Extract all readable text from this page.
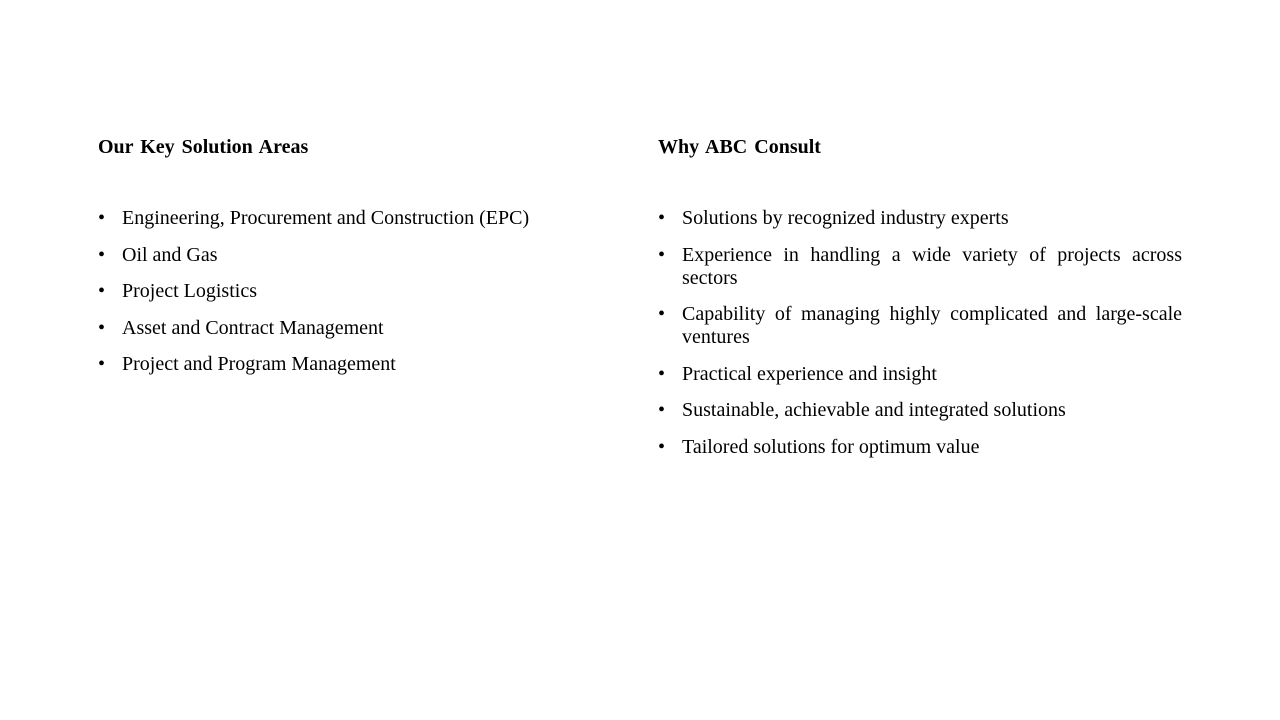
Our Key Solution Areas
• Engineering, Procurement and Construction (EPC)
• Oil and Gas
• Project Logistics
• Asset and Contract Management
• Project and Program Management
Why ABC Consult
• Solutions by recognized industry experts
• Experience in handling a wide variety of projects across sectors
• Capability of managing highly complicated and large-scale ventures
• Practical experience and insight
• Sustainable, achievable and integrated solutions
• Tailored solutions for optimum value
